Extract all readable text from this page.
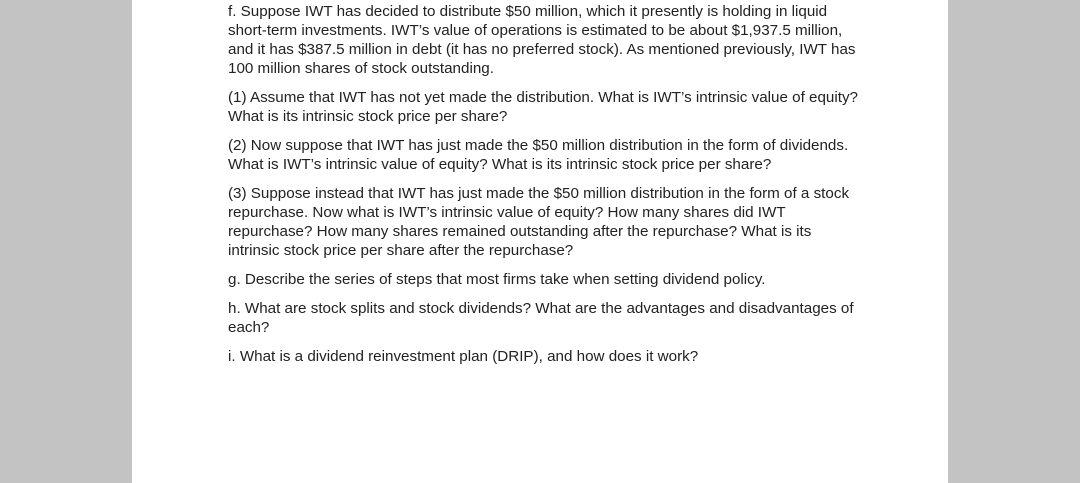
f. Suppose IWT has decided to distribute $50 million, which it presently is holding in liquid short-term investments. IWT’s value of operations is estimated to be about $1,937.5 million, and it has $387.5 million in debt (it has no preferred stock). As mentioned previously, IWT has 100 million shares of stock outstanding.

(1) Assume that IWT has not yet made the distribution. What is IWT’s intrinsic value of equity? What is its intrinsic stock price per share?

(2) Now suppose that IWT has just made the $50 million distribution in the form of dividends. What is IWT’s intrinsic value of equity? What is its intrinsic stock price per share?

(3) Suppose instead that IWT has just made the $50 million distribution in the form of a stock repurchase. Now what is IWT’s intrinsic value of equity? How many shares did IWT repurchase? How many shares remained outstanding after the repurchase? What is its intrinsic stock price per share after the repurchase?

g. Describe the series of steps that most firms take when setting dividend policy.

h. What are stock splits and stock dividends? What are the advantages and disadvantages of each?

i. What is a dividend reinvestment plan (DRIP), and how does it work?
